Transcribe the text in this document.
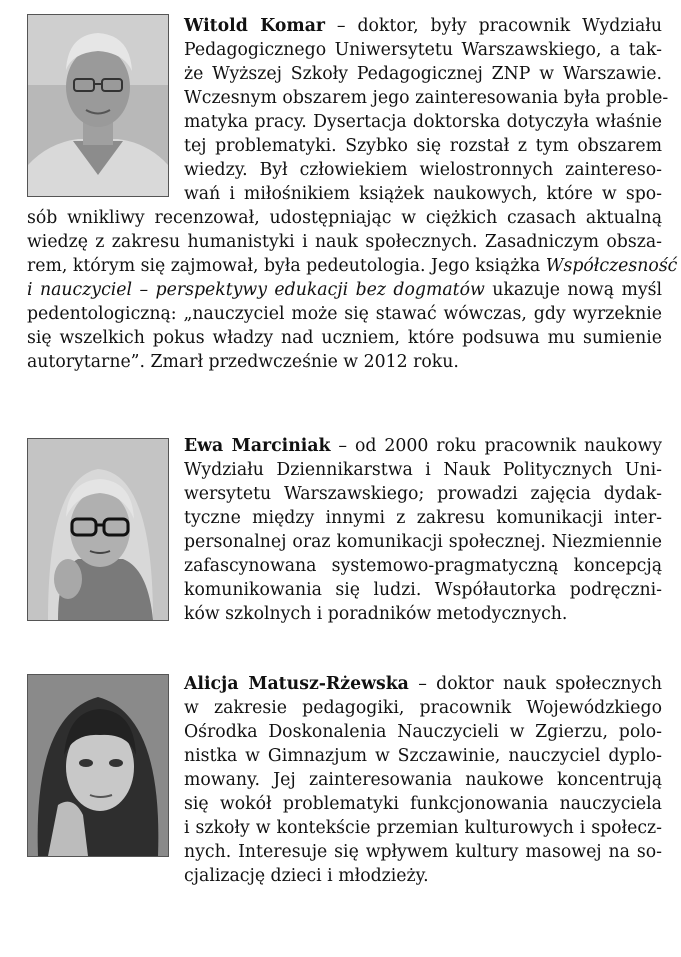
Witold Komar – doktor, były pracownik Wydziału
Pedagogicznego Uniwersytetu Warszawskiego, a tak-
że Wyższej Szkoły Pedagogicznej ZNP w Warszawie.
Wczesnym obszarem jego zainteresowania była proble-
matyka pracy. Dysertacja doktorska dotyczyła właśnie
tej problematyki. Szybko się rozstał z tym obszarem
wiedzy. Był człowiekiem wielostronnych zaintereso-
wań i miłośnikiem książek naukowych, które w spo-
sób wnikliwy recenzował, udostępniając w ciężkich czasach aktualną
wiedzę z zakresu humanistyki i nauk społecznych. Zasadniczym obsza-
rem, którym się zajmował, była pedeutologia. Jego książka Współczesność
i nauczyciel – perspektywy edukacji bez dogmatów ukazuje nową myśl
pedentologiczną: „nauczyciel może się stawać wówczas, gdy wyrzeknie
się wszelkich pokus władzy nad uczniem, które podsuwa mu sumienie
autorytarne”. Zmarł przedwcześnie w 2012 roku.
Ewa Marciniak – od 2000 roku pracownik naukowy
Wydziału Dziennikarstwa i Nauk Politycznych Uni-
wersytetu Warszawskiego; prowadzi zajęcia dydak-
tyczne między innymi z zakresu komunikacji inter-
personalnej oraz komunikacji społecznej. Niezmiennie
zafascynowana systemowo-pragmatyczną koncepcją
komunikowania się ludzi. Współautorka podręczni-
ków szkolnych i poradników metodycznych.
Alicja Matusz-Rżewska – doktor nauk społecznych
w zakresie pedagogiki, pracownik Wojewódzkiego
Ośrodka Doskonalenia Nauczycieli w Zgierzu, polo-
nistka w Gimnazjum w Szczawinie, nauczyciel dyplo-
mowany. Jej zainteresowania naukowe koncentrują
się wokół problematyki funkcjonowania nauczyciela
i szkoły w kontekście przemian kulturowych i społecz-
nych. Interesuje się wpływem kultury masowej na so-
cjalizację dzieci i młodzieży.
